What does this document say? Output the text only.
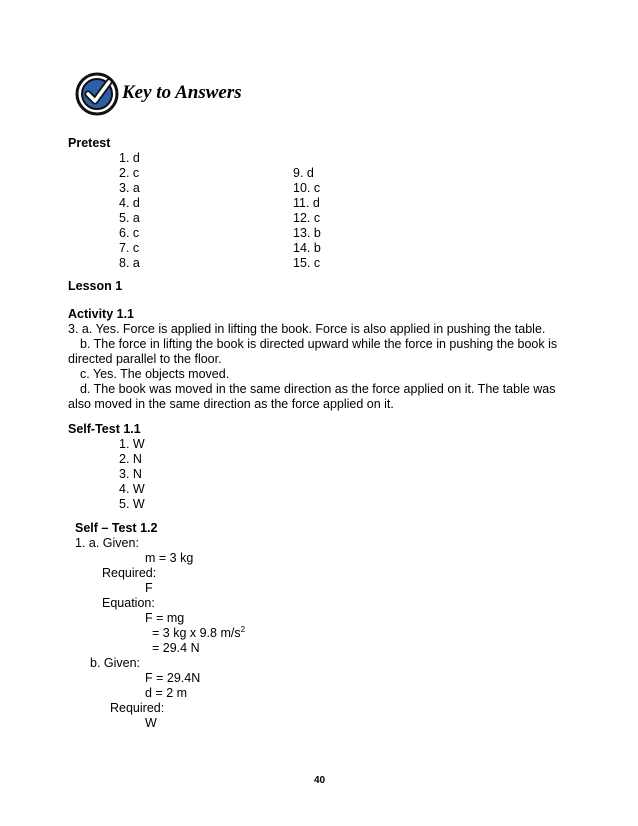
Key to Answers
Pretest
1. d
2. c
3. a
4. d
5. a
6. c
7. c
8. a
9. d
10. c
11. d
12. c
13. b
14. b
15. c
Lesson 1
Activity 1.1
3. a. Yes. Force is applied in lifting the book. Force is also applied in pushing the table.
b. The force in lifting the book is directed upward while the force in pushing the book is
directed parallel to the floor.
c. Yes. The objects moved.
d. The book was moved in the same direction as the force applied on it. The table was
also moved in the same direction as the force applied on it.
Self-Test 1.1
1. W
2. N
3. N
4. W
5. W
Self – Test 1.2
1. a. Given:
m = 3 kg
Required:
F
Equation:
F = mg
= 3 kg x 9.8 $m/s^2$
= 29.4 N
b. Given:
F = 29.4N
d = 2 m
Required:
W
40
